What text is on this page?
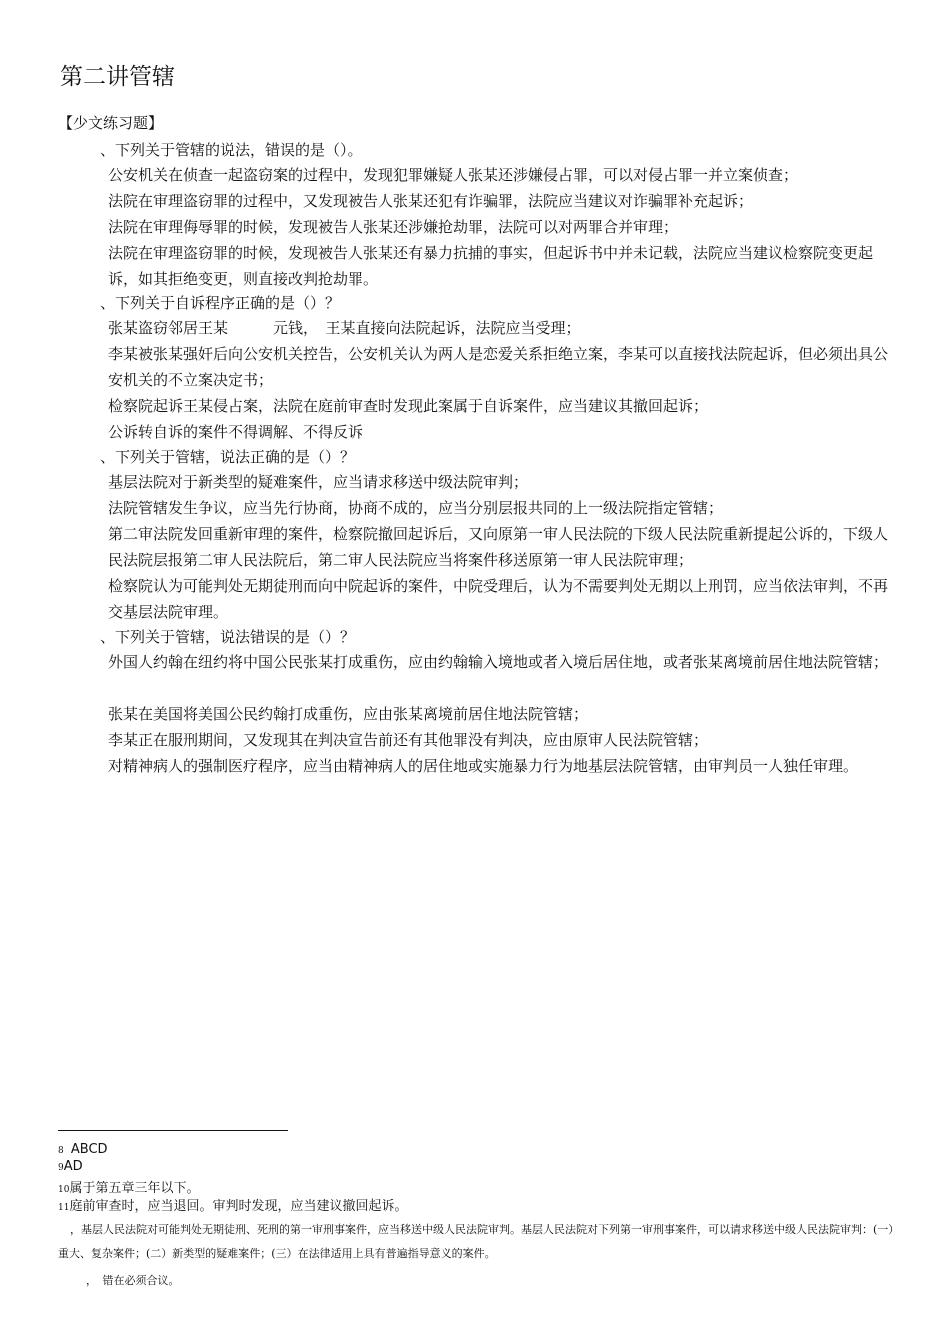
第二讲管辖
【少文练习题】
、下列关于管辖的说法，错误的是（）。
公安机关在侦查一起盗窃案的过程中，发现犯罪嫌疑人张某还涉嫌侵占罪，可以对侵占罪一并立案侦查；
法院在审理盗窃罪的过程中，又发现被告人张某还犯有诈骗罪，法院应当建议对诈骗罪补充起诉；
法院在审理侮辱罪的时候，发现被告人张某还涉嫌抢劫罪，法院可以对两罪合并审理；
法院在审理盗窃罪的时候，发现被告人张某还有暴力抗捕的事实，但起诉书中并未记载，法院应当建议检察院变更起诉，如其拒绝变更，则直接改判抢劫罪。
、下列关于自诉程序正确的是（）？
张某盗窃邻居王某　　　元钱，　王某直接向法院起诉，法院应当受理；
李某被张某强奸后向公安机关控告，公安机关认为两人是恋爱关系拒绝立案，李某可以直接找法院起诉，但必须出具公安机关的不立案决定书；
检察院起诉王某侵占案，法院在庭前审查时发现此案属于自诉案件，应当建议其撤回起诉；
公诉转自诉的案件不得调解、不得反诉
、下列关于管辖，说法正确的是（）？
基层法院对于新类型的疑难案件，应当请求移送中级法院审判；
法院管辖发生争议，应当先行协商，协商不成的，应当分别层报共同的上一级法院指定管辖；
第二审法院发回重新审理的案件，检察院撤回起诉后，又向原第一审人民法院的下级人民法院重新提起公诉的，下级人民法院层报第二审人民法院后，第二审人民法院应当将案件移送原第一审人民法院审理；
检察院认为可能判处无期徒刑而向中院起诉的案件，中院受理后，认为不需要判处无期以上刑罚，应当依法审判，不再交基层法院审理。
、下列关于管辖，说法错误的是（）？
外国人约翰在纽约将中国公民张某打成重伤，应由约翰输入境地或者入境后居住地，或者张某离境前居住地法院管辖；
张某在美国将美国公民约翰打成重伤，应由张某离境前居住地法院管辖；
李某正在服刑期间，又发现其在判决宣告前还有其他罪没有判决，应由原审人民法院管辖；
对精神病人的强制医疗程序，应当由精神病人的居住地或实施暴力行为地基层法院管辖，由审判员一人独任审理。
8 ABCD
9AD
10属于第五章三年以下。
11庭前审查时，应当退回。审判时发现，应当建议撤回起诉。
，基层人民法院对可能判处无期徒刑、死刑的第一审刑事案件，应当移送中级人民法院审判。基层人民法院对下列第一审刑事案件，可以请求移送中级人民法院审判：(一）重大、复杂案件；(二）新类型的疑难案件；(三）在法律适用上具有普遍指导意义的案件。
，　错在必须合议。
